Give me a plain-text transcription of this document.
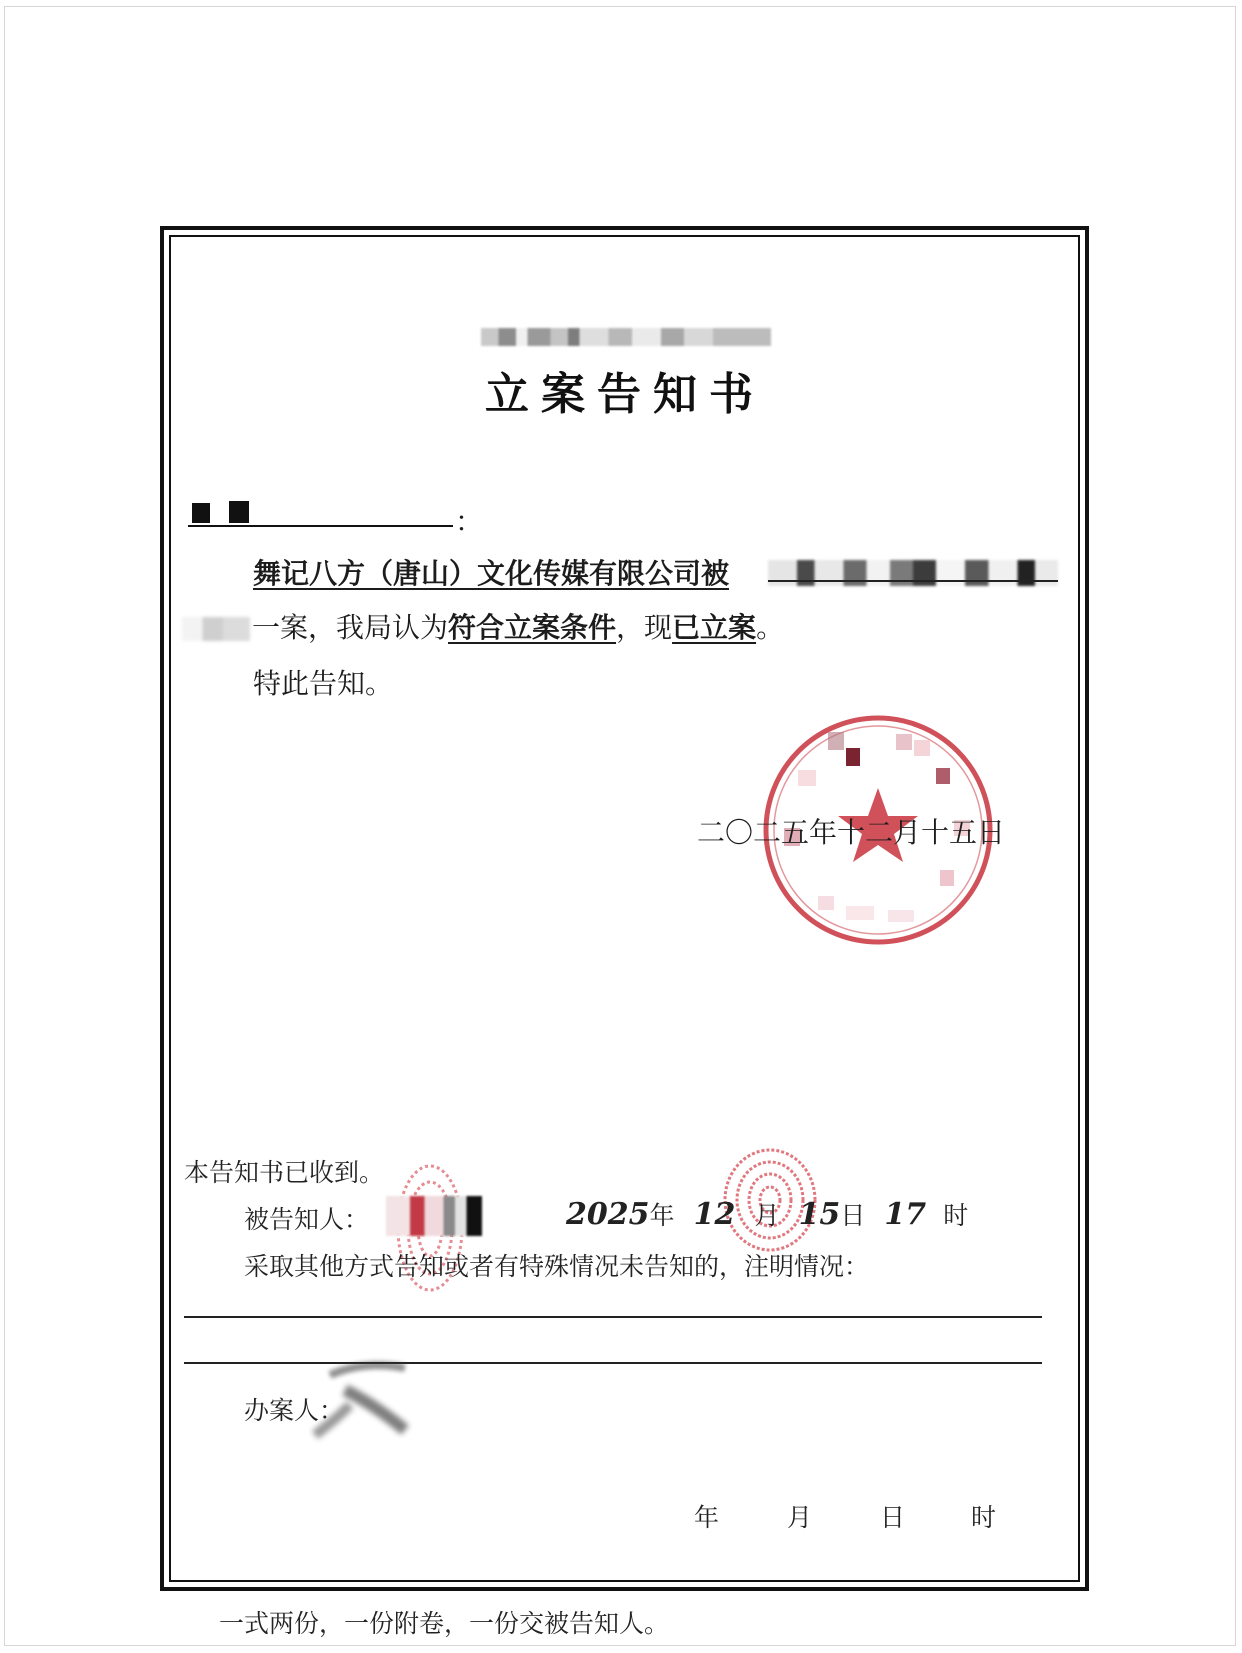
立案告知书
：
舞记八方（唐山）文化传媒有限公司被
一案，我局认为符合立案条件，现已立案。
特此告知。
二〇二五年十二月十五日
本告知书已收到。
被告知人：	2025年 12 月 15日 17 时
采取其他方式告知或者有特殊情况未告知的，注明情况：
办案人：
年	月	日	时
一式两份，一份附卷，一份交被告知人。
